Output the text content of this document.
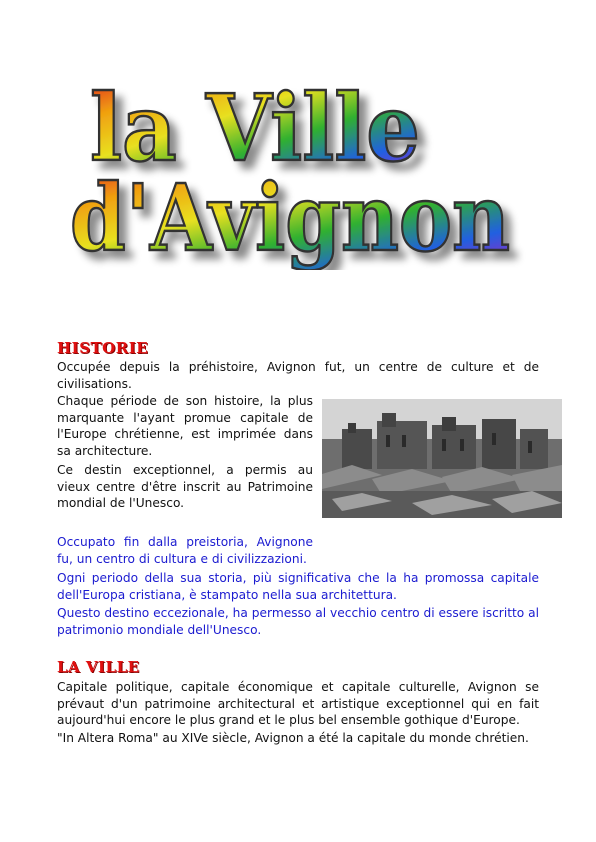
la Ville
d'Avignon
HISTORIE

Occupée depuis la préhistoire, Avignon fut, un centre de culture et de civilisations.

Chaque période de son histoire, la plus marquante l'ayant promue capitale de l'Europe chrétienne, est imprimée dans sa architecture.

Ce destin exceptionnel, a permis au vieux centre d'être inscrit au Patrimoine mondial de l'Unesco.

Occupato fin dalla preistoria, Avignone fu, un centro di cultura e di civilizzazioni.

Ogni periodo della sua storia, più significativa che la ha promossa capitale dell'Europa cristiana, è stampato nella sua architettura.

Questo destino eccezionale, ha permesso al vecchio centro di essere iscritto al patrimonio mondiale dell'Unesco.

LA VILLE

Capitale politique, capitale économique et capitale culturelle, Avignon se prévaut d'un patrimoine architectural et artistique exceptionnel qui en fait aujourd'hui encore le plus grand et le plus bel ensemble gothique d'Europe.

"In Altera Roma" au XIVe siècle, Avignon a été la capitale du monde chrétien.
